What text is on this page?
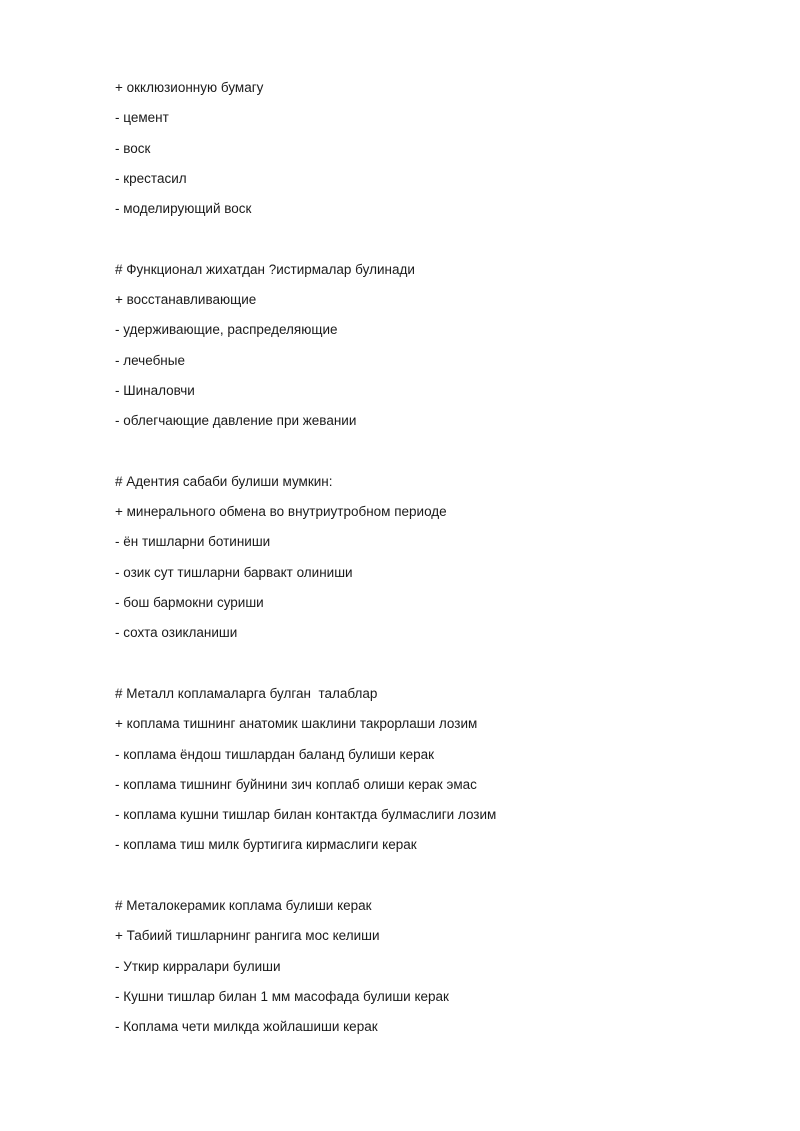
+ окклюзионную бумагу
- цемент
- воск
- крестасил
- моделирующий воск
# Функционал жихатдан ?истирмалар булинади
+ восстанавливающие
- удерживающие, распределяющие
- лечебные
- Шиналовчи
- облегчающие давление при жевании
# Адентия сабаби булиши мумкин:
+ минерального обмена во внутриутробном периоде
- ён тишларни ботиниши
- озик сут тишларни барвакт олиниши
- бош бармокни суриши
- сохта озикланиши
# Металл копламаларга булган  талаблар
+ коплама тишнинг анатомик шаклини такрорлаши лозим
- коплама ёндош тишлардан баланд булиши керак
- коплама тишнинг буйнини зич коплаб олиши керак эмас
- коплама кушни тишлар билан контактда булмаслиги лозим
- коплама тиш милк буртигига кирмаслиги керак
# Металокерамик коплама булиши керак
+ Табиий тишларнинг рангига мос келиши
- Уткир кирралари булиши
- Кушни тишлар билан 1 мм масофада булиши керак
- Коплама чети милкда жойлашиши керак
